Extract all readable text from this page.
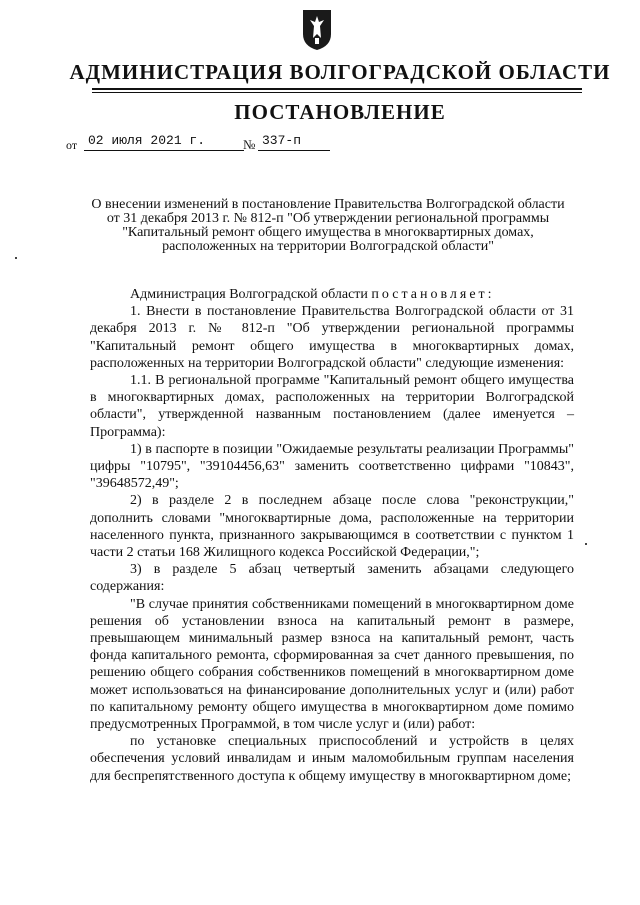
АДМИНИСТРАЦИЯ ВОЛГОГРАДСКОЙ ОБЛАСТИ
ПОСТАНОВЛЕНИЕ
от 02 июля 2021 г.	№ 337-п
О внесении изменений в постановление Правительства Волгоградской области от 31 декабря 2013 г. № 812-п "Об утверждении региональной программы "Капитальный ремонт общего имущества в многоквартирных домах, расположенных на территории Волгоградской области"

Администрация Волгоградской области постановляет:

1. Внести в постановление Правительства Волгоградской области от 31 декабря 2013 г. № 812-п "Об утверждении региональной программы "Капитальный ремонт общего имущества в многоквартирных домах, расположенных на территории Волгоградской области" следующие изменения:

1.1. В региональной программе "Капитальный ремонт общего имущества в многоквартирных домах, расположенных на территории Волгоградской области", утвержденной названным постановлением (далее именуется – Программа):

1) в паспорте в позиции "Ожидаемые результаты реализации Программы" цифры "10795", "39104456,63" заменить соответственно цифрами "10843", "39648572,49";

2) в разделе 2 в последнем абзаце после слова "реконструкции," дополнить словами "многоквартирные дома, расположенные на территории населенного пункта, признанного закрывающимся в соответствии с пунктом 1 части 2 статьи 168 Жилищного кодекса Российской Федерации,";

3) в разделе 5 абзац четвертый заменить абзацами следующего содержания:

"В случае принятия собственниками помещений в многоквартирном доме решения об установлении взноса на капитальный ремонт в размере, превышающем минимальный размер взноса на капитальный ремонт, часть фонда капитального ремонта, сформированная за счет данного превышения, по решению общего собрания собственников помещений в многоквартирном доме может использоваться на финансирование дополнительных услуг и (или) работ по капитальному ремонту общего имущества в многоквартирном доме помимо предусмотренных Программой, в том числе услуг и (или) работ:

по установке специальных приспособлений и устройств в целях обеспечения условий инвалидам и иным маломобильным группам населения для беспрепятственного доступа к общему имуществу в многоквартирном доме;
